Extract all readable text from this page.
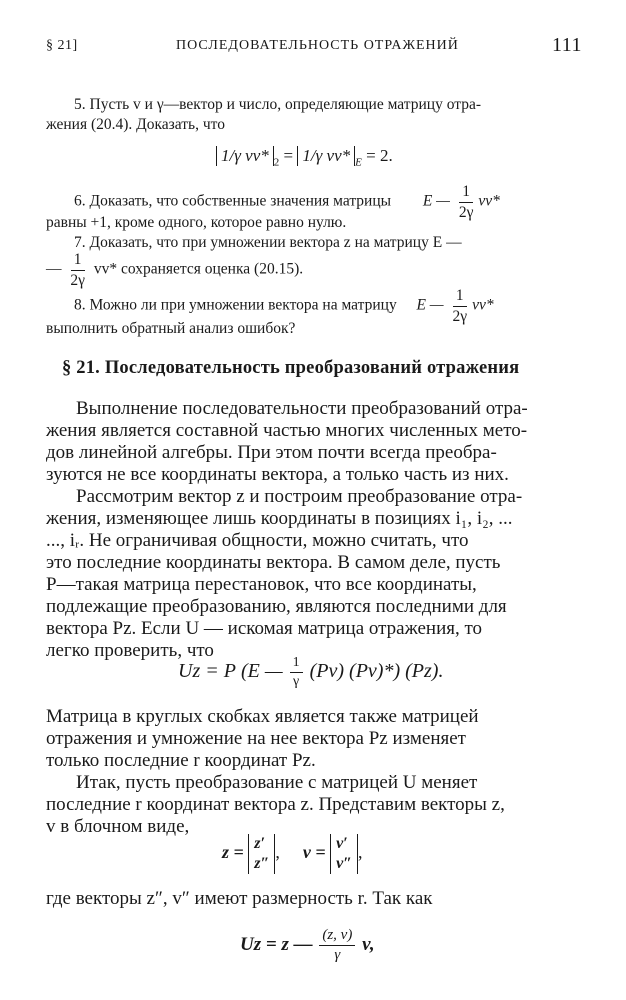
§ 21]	ПОСЛЕДОВАТЕЛЬНОСТЬ ОТРАЖЕНИЙ	111
5. Пусть v и γ—вектор и число, определяющие матрицу отра-
жения (20.4). Доказать, что
1/γ vv* $_2$ = 1/γ vv* $_E$ = 2.
6. Доказать, что собственные значения матрицы E — $\frac{1}{2\gamma} vv*$
равны +1, кроме одного, которое равно нулю.
7. Доказать, что при умножении вектора z на матрицу E —
— $\frac{1}{2\gamma} vv*$ сохраняется оценка (20.15).
8. Можно ли при умножении вектора на матрицу E — $\frac{1}{2\gamma} vv*$
выполнить обратный анализ ошибок?
§ 21. Последовательность преобразований отражения
Выполнение последовательности преобразований отра-
жения является составной частью многих численных мето-
дов линейной алгебры. При этом почти всегда преобра-
зуются не все координаты вектора, а только часть из них.
Рассмотрим вектор z и построим преобразование отра-
жения, изменяющее лишь координаты в позициях i₁, i₂, ...
..., iᵣ. Не ограничивая общности, можно считать, что
это последние координаты вектора. В самом деле, пусть
P—такая матрица перестановок, что все координаты,
подлежащие преобразованию, являются последними для
вектора Pz. Если U — искомая матрица отражения, то
легко проверить, что
Uz = P (E — $\frac{1}{\gamma} (Pv)$ (Pv)*) (Pz).
Матрица в круглых скобках является также матрицей
отражения и умножение на нее вектора Pz изменяет
только последние r координат Pz.
Итак, пусть преобразование с матрицей U меняет
последние r координат вектора z. Представим векторы z,
v в блочном виде,
z = z′
z″
, v = v′
v″
,
где векторы z″, v″ имеют размерность r. Так как
Uz = z — $\frac{(z, v)}{\gamma} v$,
